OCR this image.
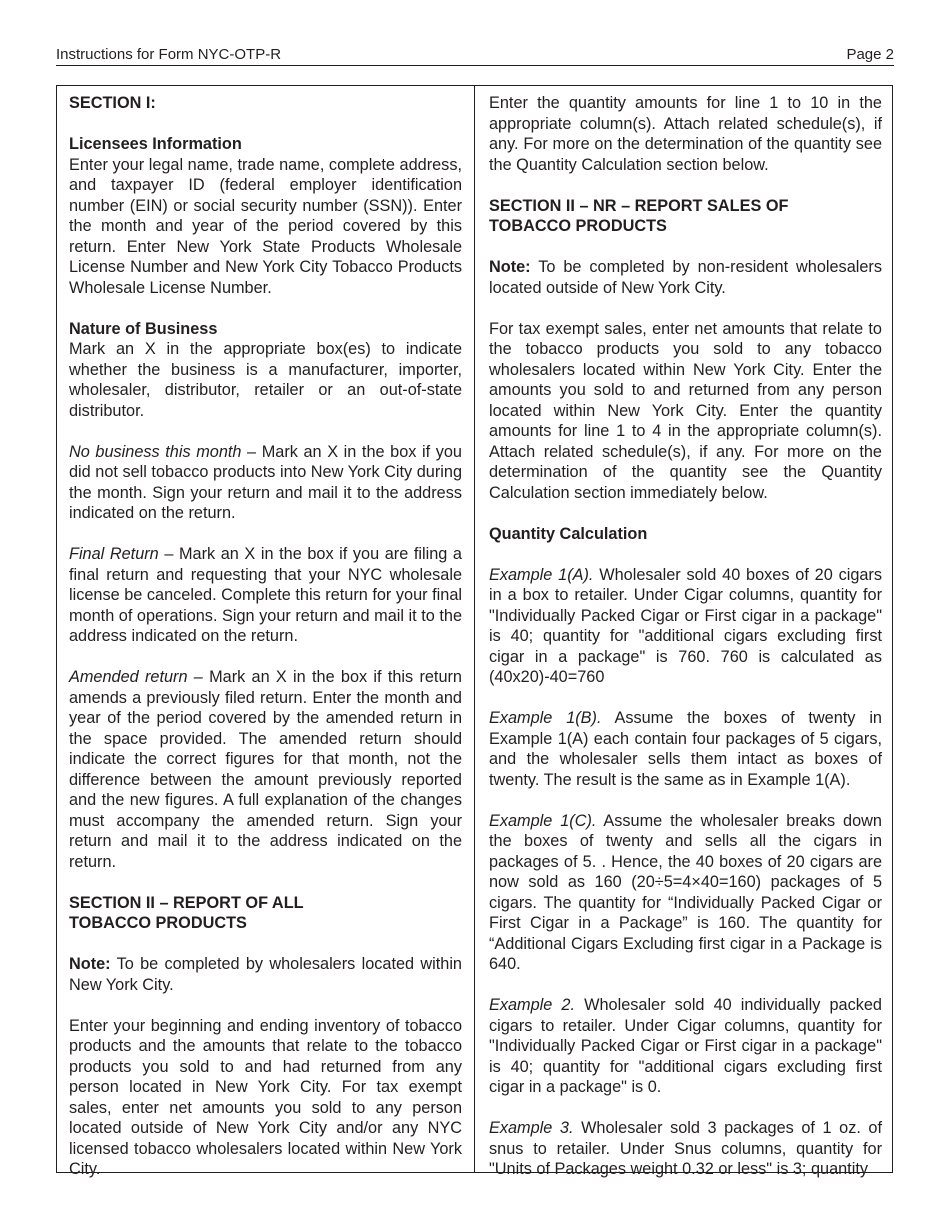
Instructions for Form NYC-OTP-R	Page 2
SECTION I:
Licensees Information

Enter your legal name, trade name, complete address, and taxpayer ID (federal employer identification number (EIN) or social security number (SSN)). Enter the month and year of the period covered by this return. Enter New York State Products Wholesale License Number and New York City Tobacco Products Wholesale License Number.

Nature of Business

Mark an X in the appropriate box(es) to indicate whether the business is a manufacturer, importer, wholesaler, distributor, retailer or an out-of-state distributor.

No business this month – Mark an X in the box if you did not sell tobacco products into New York City during the month. Sign your return and mail it to the address indicated on the return.

Final Return – Mark an X in the box if you are filing a final return and requesting that your NYC wholesale license be canceled. Complete this return for your final month of operations. Sign your return and mail it to the address indicated on the return.

Amended return – Mark an X in the box if this return amends a previously filed return. Enter the month and year of the period covered by the amended return in the space provided. The amended return should indicate the correct figures for that month, not the difference between the amount previously reported and the new figures. A full explanation of the changes must accompany the amended return. Sign your return and mail it to the address indicated on the return.

SECTION II – REPORT OF ALL
TOBACCO PRODUCTS

Note: To be completed by wholesalers located within New York City.

Enter your beginning and ending inventory of tobacco products and the amounts that relate to the tobacco products you sold to and had returned from any person located in New York City. For tax exempt sales, enter net amounts you sold to any person located outside of New York City and/or any NYC licensed tobacco wholesalers located within New York City.

Enter the quantity amounts for line 1 to 10 in the appropriate column(s). Attach related schedule(s), if any. For more on the determination of the quantity see the Quantity Calculation section below.

SECTION II – NR – REPORT SALES OF
TOBACCO PRODUCTS

Note: To be completed by non-resident wholesalers located outside of New York City.

For tax exempt sales, enter net amounts that relate to the tobacco products you sold to any tobacco wholesalers located within New York City. Enter the amounts you sold to and returned from any person located within New York City. Enter the quantity amounts for line 1 to 4 in the appropriate column(s). Attach related schedule(s), if any. For more on the determination of the quantity see the Quantity Calculation section immediately below.

Quantity Calculation

Example 1(A). Wholesaler sold 40 boxes of 20 cigars in a box to retailer. Under Cigar columns, quantity for "Individually Packed Cigar or First cigar in a package" is 40; quantity for "additional cigars excluding first cigar in a package" is 760. 760 is calculated as (40x20)-40=760

Example 1(B). Assume the boxes of twenty in Example 1(A) each contain four packages of 5 cigars, and the wholesaler sells them intact as boxes of twenty. The result is the same as in Example 1(A).

Example 1(C). Assume the wholesaler breaks down the boxes of twenty and sells all the cigars in packages of 5. . Hence, the 40 boxes of 20 cigars are now sold as 160 (20÷5=4×40=160) packages of 5 cigars. The quantity for “Individually Packed Cigar or First Cigar in a Package” is 160. The quantity for “Additional Cigars Excluding first cigar in a Package is 640.

Example 2. Wholesaler sold 40 individually packed cigars to retailer. Under Cigar columns, quantity for "Individually Packed Cigar or First cigar in a package" is 40; quantity for "additional cigars excluding first cigar in a package" is 0.

Example 3. Wholesaler sold 3 packages of 1 oz. of snus to retailer. Under Snus columns, quantity for "Units of Packages weight 0.32 or less" is 3; quantity
